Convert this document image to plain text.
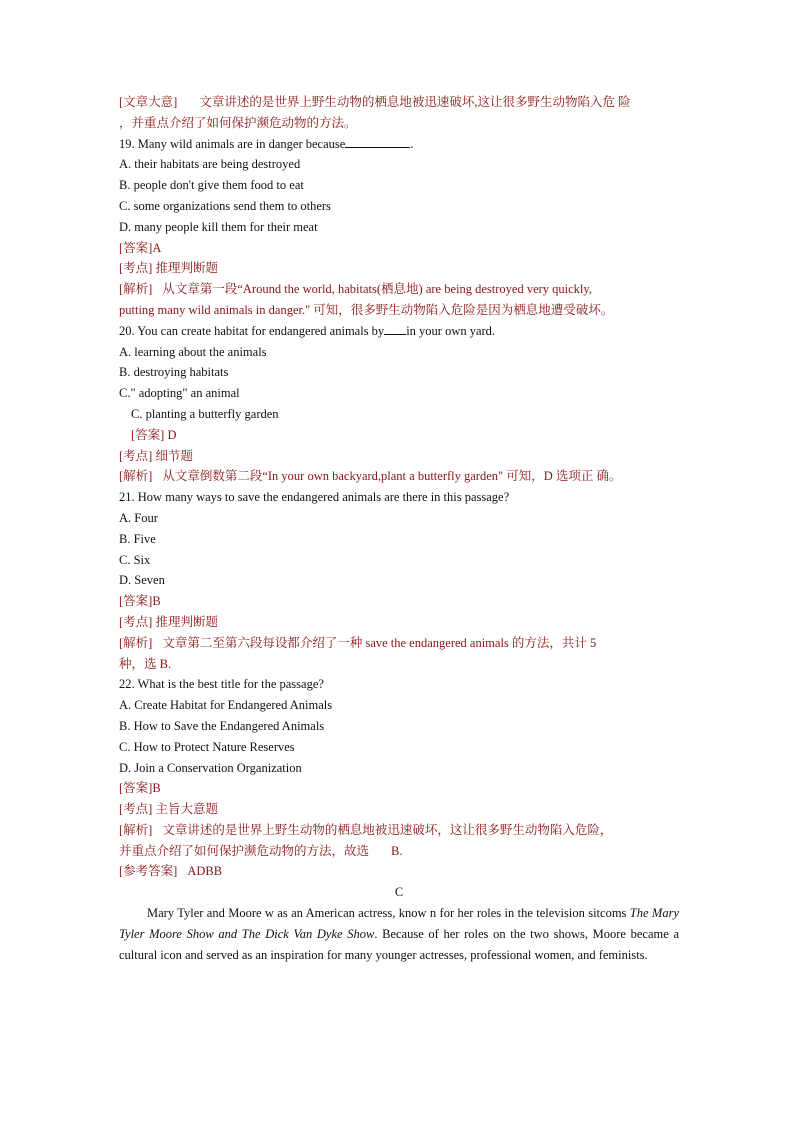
[文章大意] 文章讲述的是世界上野生动物的栖息地被迅速破坏,这让很多野生动物陷入危 险
，并重点介绍了如何保护濒危动物的方法。
19. Many wild animals are in danger because	.
A. their habitats are being destroyed
B. people don't give them food to eat
C. some organizations send them to others
D. many people kill them for their meat
[答案]A
[考点] 推理判断题
[解析] 从文章第一段“Around the world, habitats(栖息地) are being destroyed very quickly,
putting many wild animals in danger." 可知，很多野生动物陷入危险是因为栖息地遭受破坏。
20. You can create habitat for endangered animals by in your own yard.
A. learning about the animals
B. destroying habitats
C." adopting" an animal
C. planting a butterfly garden
[答案] D
[考点] 细节题
[解析] 从文章倒数第二段“In your own backyard,plant a butterfly garden" 可知，D 选项正 确。
21. How many ways to save the endangered animals are there in this passage?
A. Four
B. Five
C. Six
D. Seven
[答案]B
[考点] 推理判断题
[解析] 文章第二至第六段每设都介绍了一种 save the endangered animals 的方法，共计 5
种，选 B.
22. What is the best title for the passage?
A. Create Habitat for Endangered Animals
B. How to Save the Endangered Animals
C. How to Protect Nature Reserves
D. Join a Conservation Organization
[答案]B
[考点] 主旨大意题
[解析] 文章讲述的是世界上野生动物的栖息地被迅速破坏，这让很多野生动物陷入危险，
并重点介绍了如何保护濒危动物的方法，故选 B.
[参考答案] ADBB
C
Mary Tyler and Moore w as an American actress, know n for her roles in the television sitcoms The Mary Tyler Moore Show and The Dick Van Dyke Show. Because of her roles on the two shows, Moore became a cultural icon and served as an inspiration for many younger actresses, professional women, and feminists.
